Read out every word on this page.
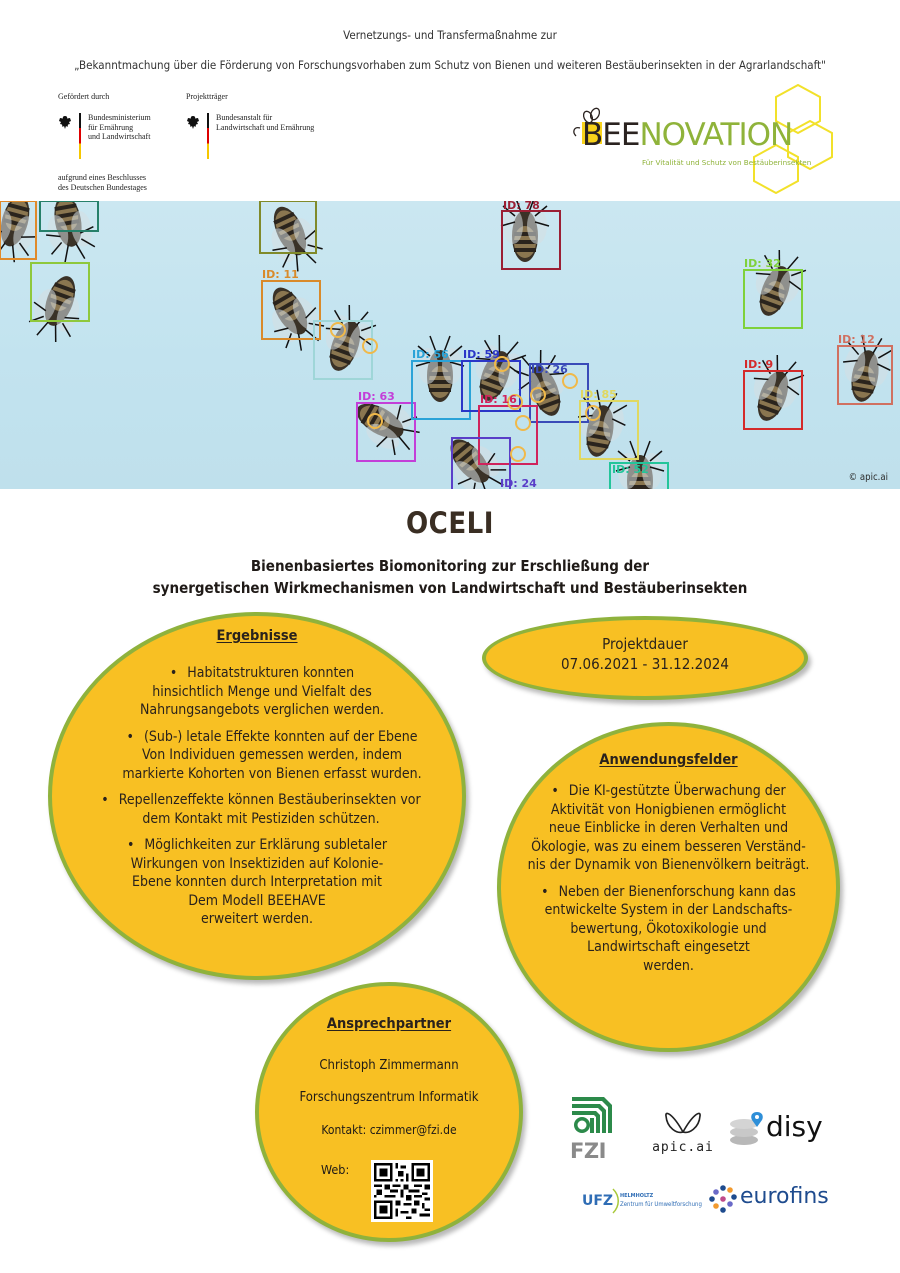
Vernetzungs- und Transfermaßnahme zur
„Bekanntmachung über die Förderung von Forschungsvorhaben zum Schutz von Bienen und weiteren Bestäuberinsekten in der Agrarlandschaft"
Gefördert durch
Bundesministerium
für Ernährung
und Landwirtschaft
aufgrund eines Beschlusses
des Deutschen Bundestages
Projektträger
Bundesanstalt für
Landwirtschaft und Ernährung	BEENOVATION
Für Vitalität und Schutz von Bestäuberinsekten
ID: 78
ID: 11
ID: 32
ID: 9
ID: 63
ID: 56 ID: 59
ID: 16
ID: 26
ID: 85
ID: 52
ID: 24
ID: 12
© apic.ai
OCELI
Bienenbasiertes Biomonitoring zur Erschließung der
synergetischen Wirkmechanismen von Landwirtschaft und Bestäuberinsekten
Ergebnisse

• Habitatstrukturen konnten
hinsichtlich Menge und Vielfalt des
Nahrungsangebots verglichen werden.

• (Sub-) letale Effekte konnten auf der Ebene
Von Individuen gemessen werden, indem
markierte Kohorten von Bienen erfasst wurden.

• Repellenzeffekte können Bestäuberinsekten vor
dem Kontakt mit Pestiziden schützen.

• Möglichkeiten zur Erklärung subletaler
Wirkungen von Insektiziden auf Kolonie-
Ebene konnten durch Interpretation mit
Dem Modell BEEHAVE
erweitert werden.

Projektdauer
07.06.2021 - 31.12.2024
Anwendungsfelder

• Die KI-gestützte Überwachung der
Aktivität von Honigbienen ermöglicht
neue Einblicke in deren Verhalten und
Ökologie, was zu einem besseren Verständ-
nis der Dynamik von Bienenvölkern beiträgt.

• Neben der Bienenforschung kann das
entwickelte System in der Landschafts-
bewertung, Ökotoxikologie und
Landwirtschaft eingesetzt
werden.

Ansprechpartner
Christoph Zimmermann
Forschungszentrum Informatik
Kontakt: czimmer@fzi.de
Web:
FZI	apic.ai
disy
UFZ HELMHOLTZ
Zentrum für Umweltforschung eurofins
